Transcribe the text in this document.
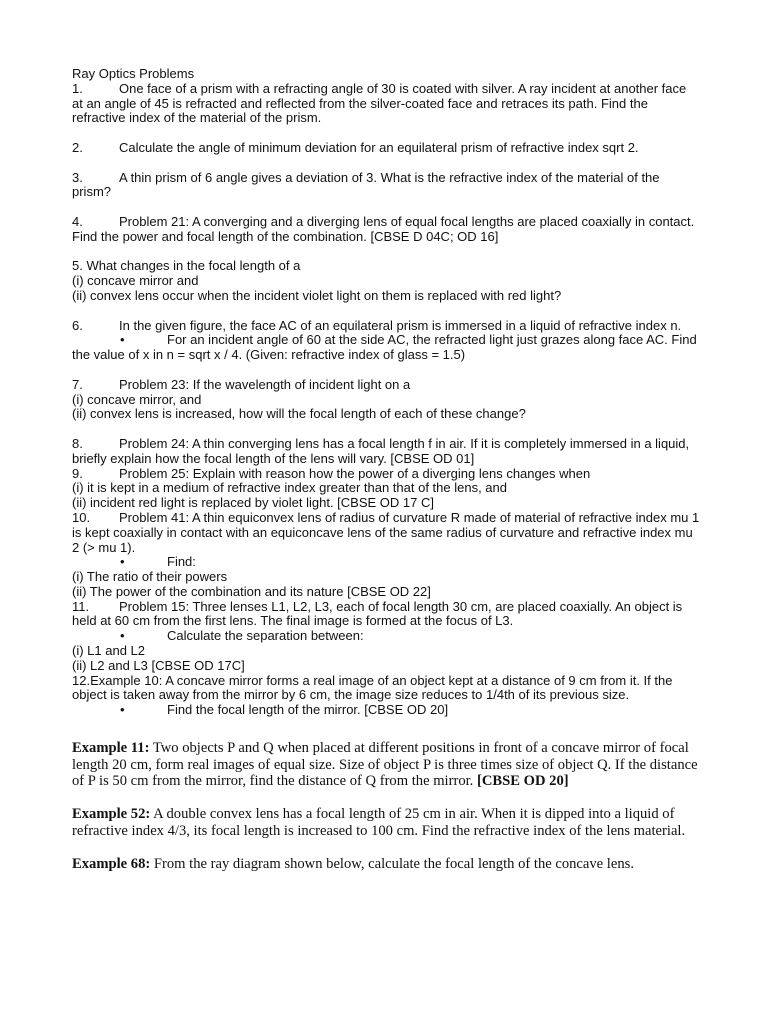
Ray Optics Problems

1.	One face of a prism with a refracting angle of 30 is coated with silver. A ray incident at another face at an angle of 45 is refracted and reflected from the silver-coated face and retraces its path. Find the refractive index of the material of the prism.

2.	Calculate the angle of minimum deviation for an equilateral prism of refractive index sqrt 2.

3.	A thin prism of 6 angle gives a deviation of 3. What is the refractive index of the material of the prism?

4.	Problem 21: A converging and a diverging lens of equal focal lengths are placed coaxially in contact. Find the power and focal length of the combination. [CBSE D 04C; OD 16]

5. What changes in the focal length of a

(i) concave mirror and

(ii) convex lens occur when the incident violet light on them is replaced with red light?

6.	In the given figure, the face AC of an equilateral prism is immersed in a liquid of refractive index n.

•	For an incident angle of 60 at the side AC, the refracted light just grazes along face AC. Find the value of x in n = sqrt x / 4. (Given: refractive index of glass = 1.5)

7.	Problem 23: If the wavelength of incident light on a

(i) concave mirror, and

(ii) convex lens is increased, how will the focal length of each of these change?

8.	Problem 24: A thin converging lens has a focal length f in air. If it is completely immersed in a liquid, briefly explain how the focal length of the lens will vary. [CBSE OD 01]

9.	Problem 25: Explain with reason how the power of a diverging lens changes when

(i) it is kept in a medium of refractive index greater than that of the lens, and

(ii) incident red light is replaced by violet light. [CBSE OD 17 C]

10. Problem 41: A thin equiconvex lens of radius of curvature R made of material of refractive index mu 1 is kept coaxially in contact with an equiconcave lens of the same radius of curvature and refractive index mu 2 (> mu 1).

•	Find:

(i) The ratio of their powers

(ii) The power of the combination and its nature [CBSE OD 22]

11. Problem 15: Three lenses L1, L2, L3, each of focal length 30 cm, are placed coaxially. An object is held at 60 cm from the first lens. The final image is formed at the focus of L3.

•	Calculate the separation between:

(i) L1 and L2

(ii) L2 and L3 [CBSE OD 17C]

12.Example 10: A concave mirror forms a real image of an object kept at a distance of 9 cm from it. If the object is taken away from the mirror by 6 cm, the image size reduces to 1/4th of its previous size.

•	Find the focal length of the mirror. [CBSE OD 20]

Example 11: Two objects P and Q when placed at different positions in front of a concave mirror of focal length 20 cm, form real images of equal size. Size of object P is three times size of object Q. If the distance of P is 50 cm from the mirror, find the distance of Q from the mirror. [CBSE OD 20]

Example 52: A double convex lens has a focal length of 25 cm in air. When it is dipped into a liquid of refractive index 4/3, its focal length is increased to 100 cm. Find the refractive index of the lens material.

Example 68: From the ray diagram shown below, calculate the focal length of the concave lens.
